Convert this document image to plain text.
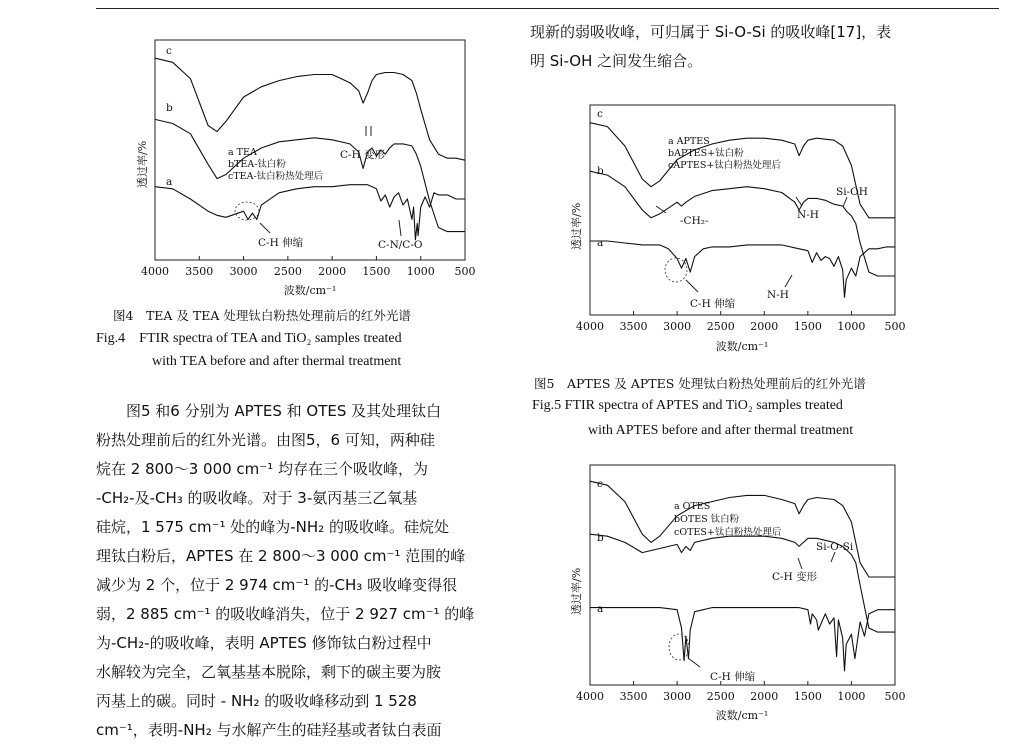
4000 3500 3000 2500 2000 1500 1000 500
c
b
a
a TEA
bTEA-钛白粉
cTEA-钛白粉热处理后
C-H 变形
C-H 伸缩	C-N/C-O
透过率/%
波数/cm⁻¹
图4　TEA 及 TEA 处理钛白粉热处理前后的红外光谱
Fig.4　FTIR spectra of TEA and TiO₂ samples treated
　　　　with TEA before and after thermal treatment
　　图5 和6 分别为 APTES 和 OTES 及其处理钛白
粉热处理前后的红外光谱。由图5，6 可知，两种硅
烷在 2 800～3 000 cm⁻¹ 均存在三个吸收峰，为
-CH₂-及-CH₃ 的吸收峰。对于 3-氨丙基三乙氧基
硅烷，1 575 cm⁻¹ 处的峰为-NH₂ 的吸收峰。硅烷处
理钛白粉后，APTES 在 2 800～3 000 cm⁻¹ 范围的峰
减少为 2 个，位于 2 974 cm⁻¹ 的-CH₃ 吸收峰变得很
弱，2 885 cm⁻¹ 的吸收峰消失，位于 2 927 cm⁻¹ 的峰
为-CH₂-的吸收峰，表明 APTES 修饰钛白粉过程中
水解较为完全，乙氧基基本脱除，剩下的碳主要为胺
丙基上的碳。同时 - NH₂ 的吸收峰移动到 1 528
cm⁻¹，表明-NH₂ 与水解产生的硅羟基或者钛白表面
现新的弱吸收峰，可归属于 Si-O-Si 的吸收峰[17]，表
明 Si-OH 之间发生缩合。
4000 3500 3000 2500 2000 1500 1000 500
c
b
a
a APTES
bAPTES+钛白粉
cAPTES+钛白粉热处理后
-CH₂-	N-H
Si-OH
C-H 伸缩
N-H
透过率/%
波数/cm⁻¹
图5　APTES 及 APTES 处理钛白粉热处理前后的红外光谱
Fig.5 FTIR spectra of APTES and TiO₂ samples treated
　　　　with APTES before and after thermal treatment
4000 3500 3000 2500 2000 1500 1000 500
c
b
a
a OTES
bOTES 钛白粉
cOTES+钛白粉热处理后
Si-O-Si
C-H 变形
C-H 伸缩
透过率/%
波数/cm⁻¹
